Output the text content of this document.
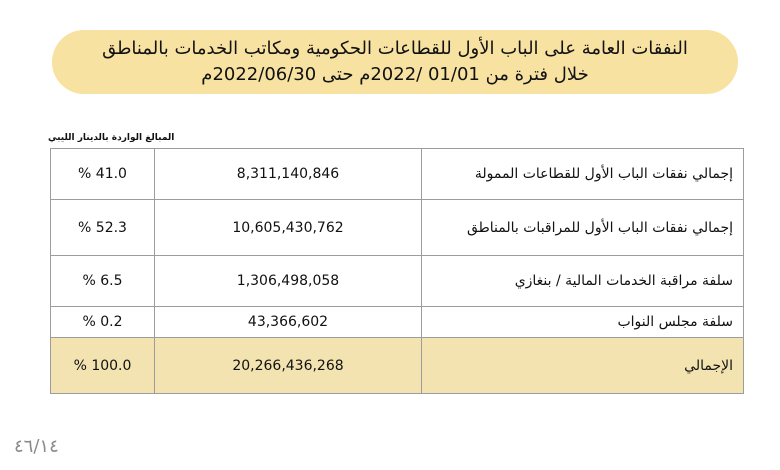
النفقات العامة على الباب الأول للقطاعات الحكومية ومكاتب الخدمات بالمناطق
خلال فترة من 01/01 /2022م حتى 2022/06/30م
المبالغ الواردة بالدينار الليبي
% 41.0	8,311,140,846	إجمالي نفقات الباب الأول للقطاعات الممولة
% 52.3	10,605,430,762	إجمالي نفقات الباب الأول للمراقبات بالمناطق
% 6.5	1,306,498,058	سلفة مراقبة الخدمات المالية / بنغازي
% 0.2	43,366,602	سلفة مجلس النواب
% 100.0	20,266,436,268	الإجمالي
٤٦/١٤
